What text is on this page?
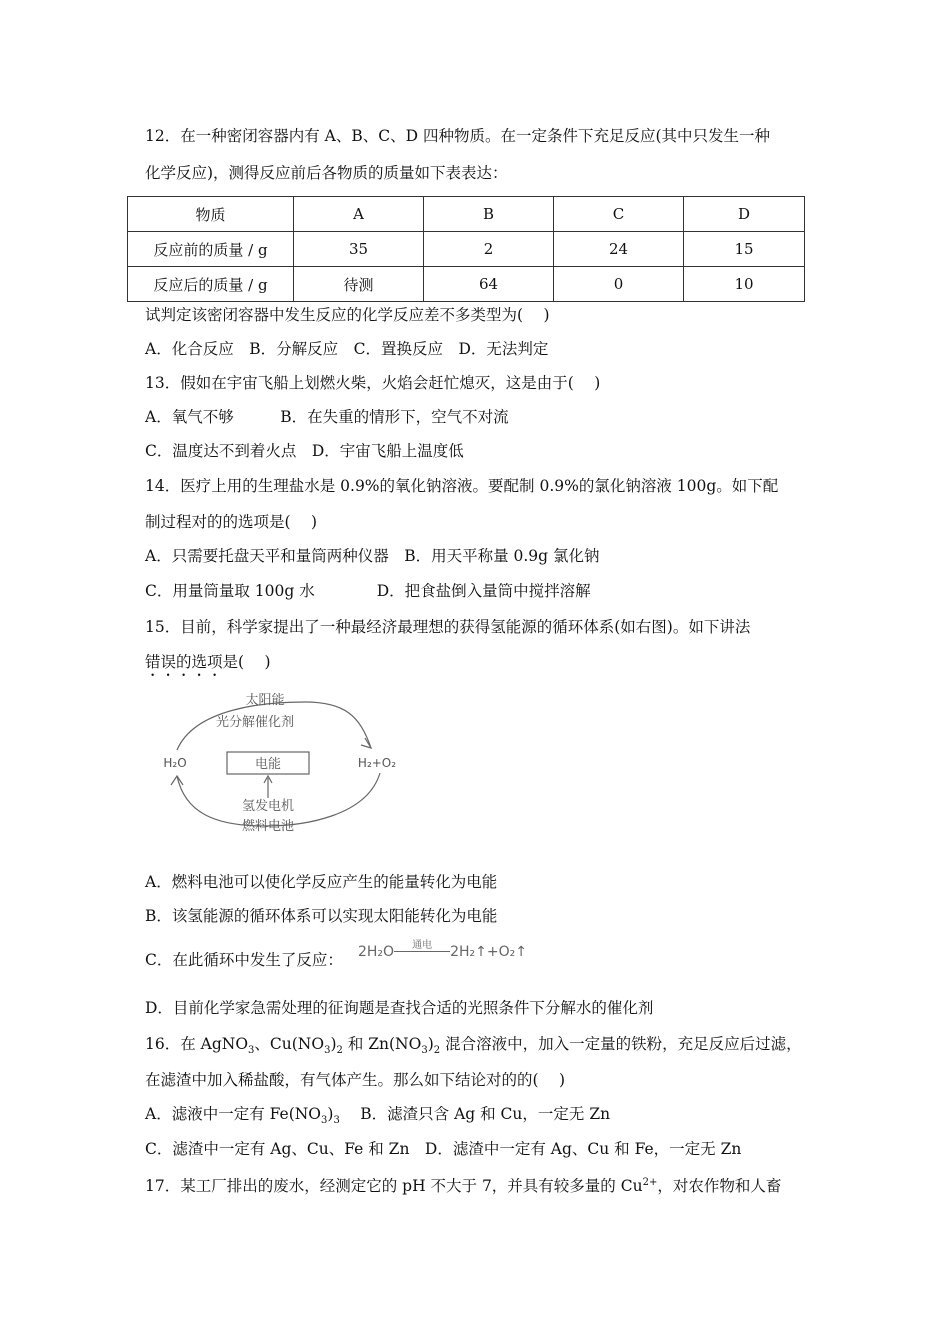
12．在一种密闭容器内有 A、B、C、D 四种物质。在一定条件下充足反应(其中只发生一种
化学反应)，测得反应前后各物质的质量如下表表达：
物质	A	B	C	D
反应前的质量 / g	35	2	24	15
反应后的质量 / g	待测	64	0	10
试判定该密闭容器中发生反应的化学反应差不多类型为(　 )
A．化合反应　B．分解反应　C．置换反应　D．无法判定
13．假如在宇宙飞船上划燃火柴，火焰会赶忙熄灭，这是由于(　 )
A．氧气不够　　　B．在失重的情形下，空气不对流
C．温度达不到着火点　D．宇宙飞船上温度低
14．医疗上用的生理盐水是 0.9%的氧化钠溶液。要配制 0.9%的氯化钠溶液 100g。如下配
制过程对的的选项是(　 )
A．只需要托盘天平和量筒两种仪器　B．用天平称量 0.9g 氯化钠
C．用量筒量取 100g 水　　　　D．把食盐倒入量筒中搅拌溶解
15．目前，科学家提出了一种最经济最理想的获得氢能源的循环体系(如右图)。如下讲法
错误的选项是(　 )
太阳能
光分解催化剂
H₂O	H₂+O₂
电能
氢发电机
燃料电池
A．燃料电池可以使化学反应产生的能量转化为电能
B．该氢能源的循环体系可以实现太阳能转化为电能
C．在此循环中发生了反应： 2H₂O	通电	2H₂↑+O₂↑
D．目前化学家急需处理的征询题是查找合适的光照条件下分解水的催化剂
16．在 AgNO$_3$、$Cu(NO_3)_2$ 和 $Zn(NO_3)_2$ 混合溶液中，加入一定量的铁粉，充足反应后过滤，
在滤渣中加入稀盐酸，有气体产生。那么如下结论对的的(　 )
A．滤液中一定有 $Fe(NO_3)_3$　 B．滤渣只含 Ag 和 Cu，一定无 Zn
C．滤渣中一定有 Ag、Cu、Fe 和 Zn　D．滤渣中一定有 Ag、Cu 和 Fe，一定无 Zn
17．某工厂排出的废水，经测定它的 pH 不大于 7，并具有较多量的 $Cu^{2+}$，对农作物和人畜
